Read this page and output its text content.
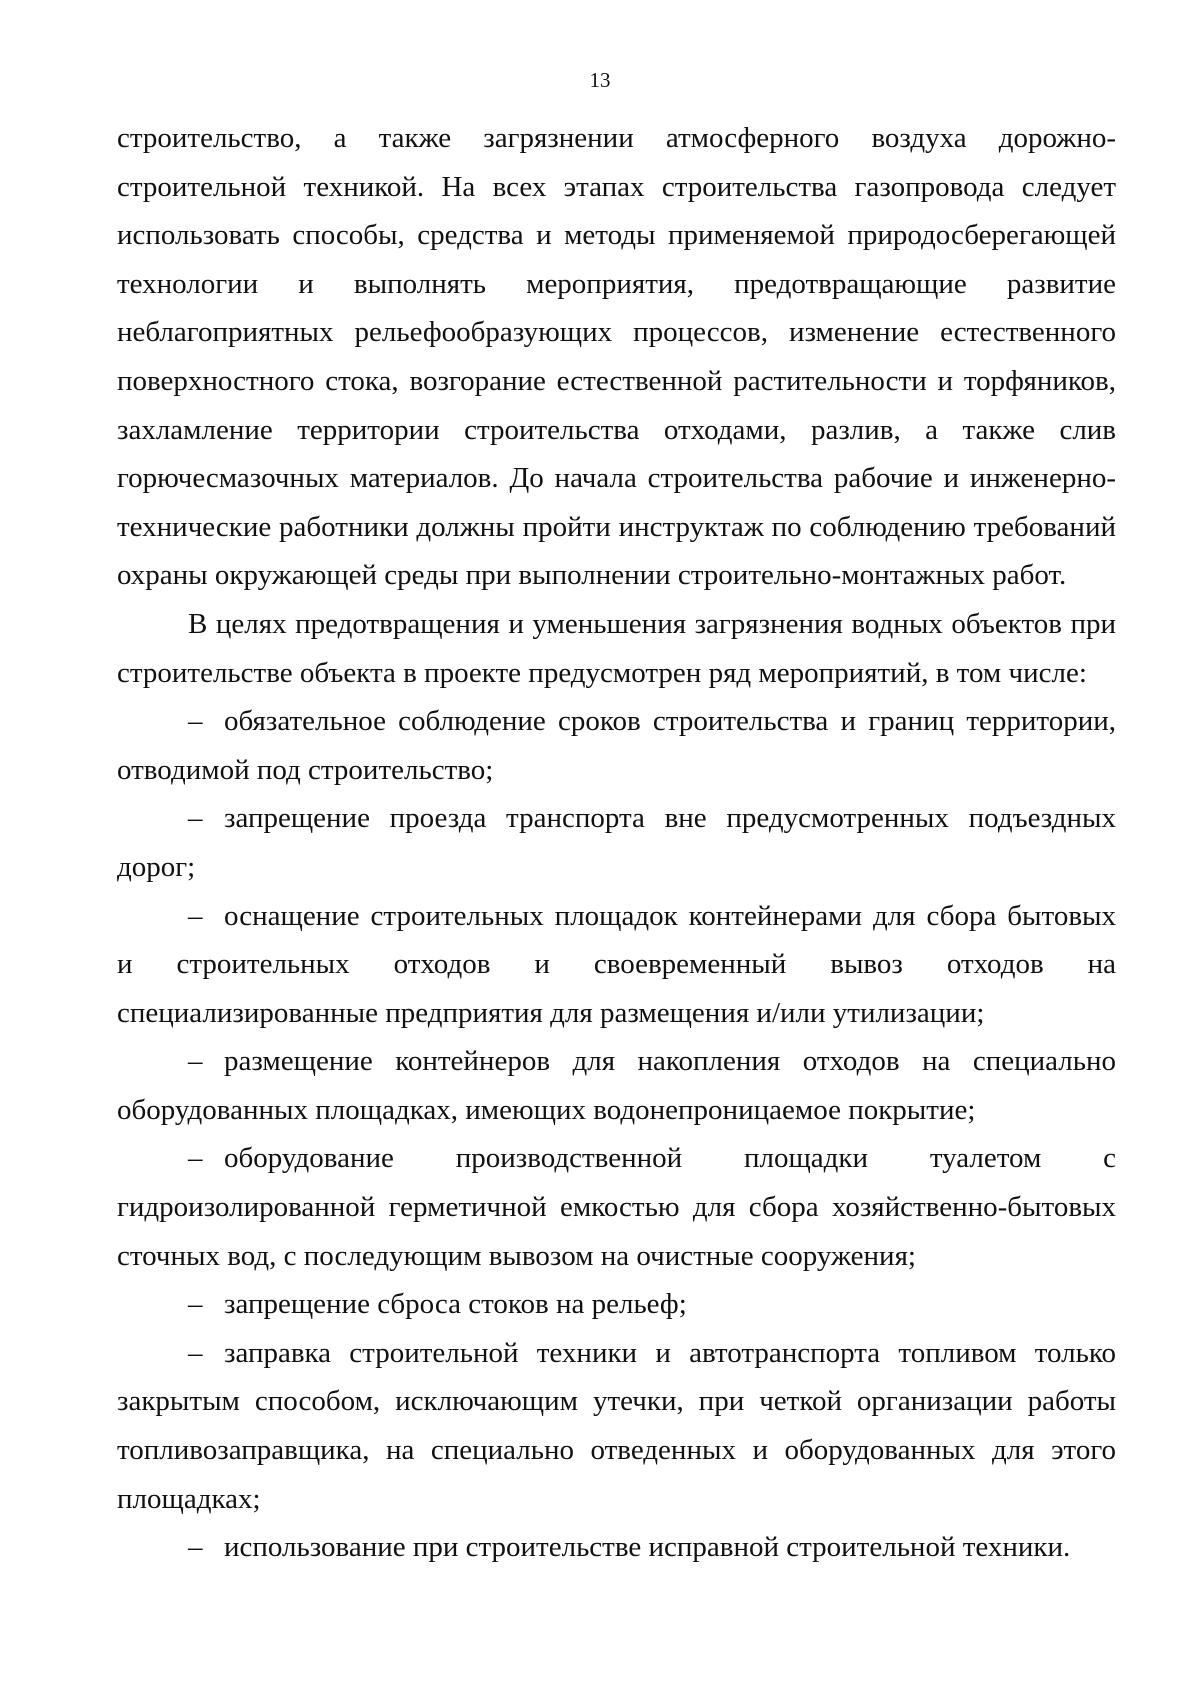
13

строительство, а также загрязнении атмосферного воздуха дорожно-строительной техникой. На всех этапах строительства газопровода следует использовать способы, средства и методы применяемой природосберегающей технологии и выполнять мероприятия, предотвращающие развитие неблагоприятных рельефообразующих процессов, изменение естественного поверхностного стока, возгорание естественной растительности и торфяников, захламление территории строительства отходами, разлив, а также слив горючесмазочных материалов. До начала строительства рабочие и инженерно-технические работники должны пройти инструктаж по соблюдению требований охраны окружающей среды при выполнении строительно-монтажных работ.

В целях предотвращения и уменьшения загрязнения водных объектов при строительстве объекта в проекте предусмотрен ряд мероприятий, в том числе:

– обязательное соблюдение сроков строительства и границ территории, отводимой под строительство;
– запрещение проезда транспорта вне предусмотренных подъездных дорог;
– оснащение строительных площадок контейнерами для сбора бытовых и строительных отходов и своевременный вывоз отходов на специализированные предприятия для размещения и/или утилизации;
– размещение контейнеров для накопления отходов на специально оборудованных площадках, имеющих водонепроницаемое покрытие;
– оборудование производственной площадки туалетом с гидроизолированной герметичной емкостью для сбора хозяйственно-бытовых сточных вод, с последующим вывозом на очистные сооружения;
– запрещение сброса стоков на рельеф;
– заправка строительной техники и автотранспорта топливом только закрытым способом, исключающим утечки, при четкой организации работы топливозаправщика, на специально отведенных и оборудованных для этого площадках;
– использование при строительстве исправной строительной техники.
